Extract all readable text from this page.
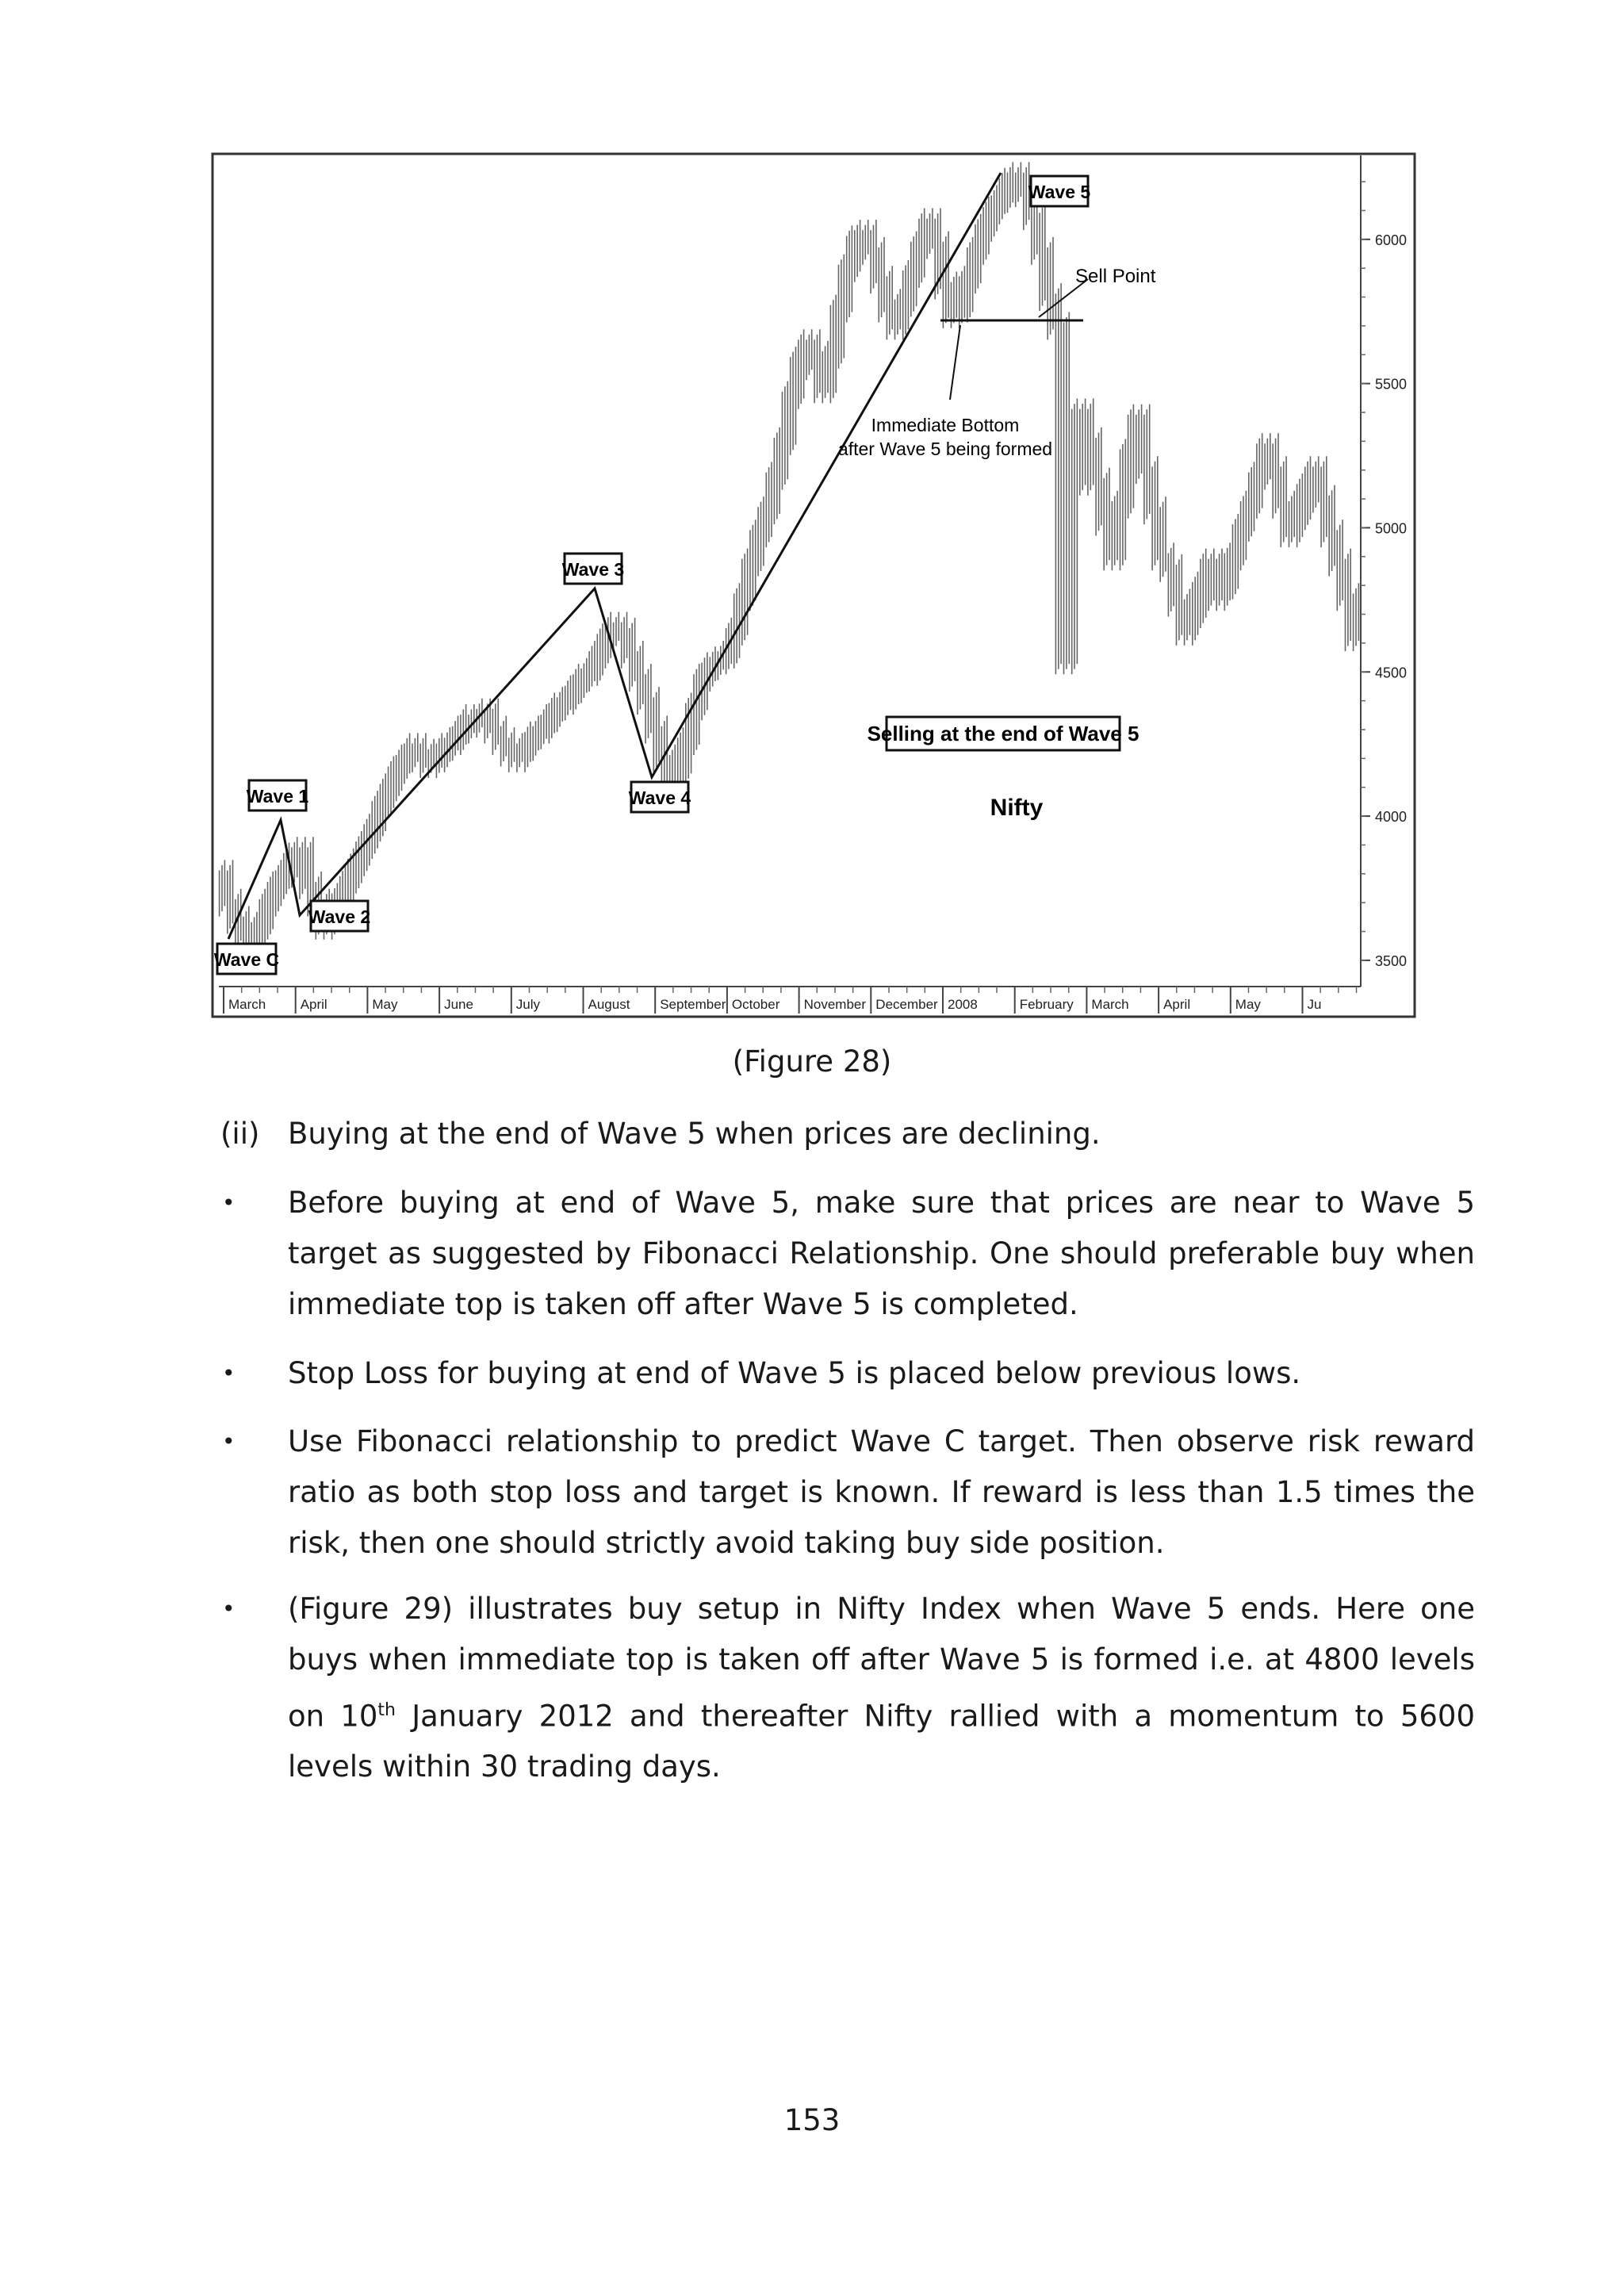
3500
4000
4500
5000
5500
6000
March	April	May	June	July	August September October November December 2008	February March	April	May	Ju
Wave C
Wave 1
Wave 2
Wave 3
Wave 4
Wave 5
Sell Point
Immediate Bottom
after Wave 5 being formed
Selling at the end of Wave 5
Nifty
(Figure 28)
(ii) Buying at the end of Wave 5 when prices are declining.
•	Before buying at end of Wave 5, make sure that prices are near to Wave 5 target as suggested by Fibonacci Relationship. One should preferable buy when immediate top is taken off after Wave 5 is completed.
•	Stop Loss for buying at end of Wave 5 is placed below previous lows.
•	Use Fibonacci relationship to predict Wave C target. Then observe risk reward ratio as both stop loss and target is known. If reward is less than 1.5 times the risk, then one should strictly avoid taking buy side position.
•	(Figure 29) illustrates buy setup in Nifty Index when Wave 5 ends. Here one buys when immediate top is taken off after Wave 5 is formed i.e. at 4800 levels on 10th January 2012 and thereafter Nifty rallied with a momentum to 5600 levels within 30 trading days.
153
